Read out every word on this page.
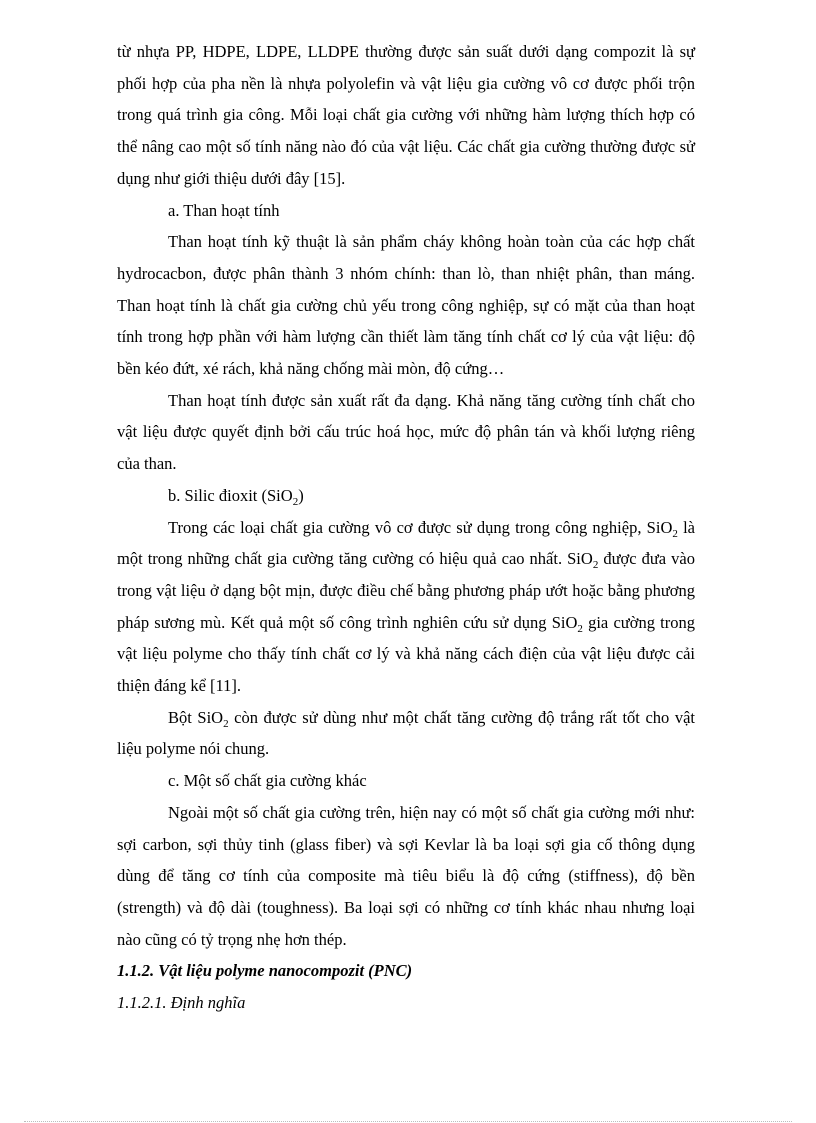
từ nhựa PP, HDPE, LDPE, LLDPE thường được sản suất dưới dạng compozit là sự phối hợp của pha nền là nhựa polyolefin và vật liệu gia cường vô cơ được phối trộn trong quá trình gia công. Mỗi loại chất gia cường với những hàm lượng thích hợp có thể nâng cao một số tính năng nào đó của vật liệu. Các chất gia cường thường được sử dụng như giới thiệu dưới đây [15].

a. Than hoạt tính

Than hoạt tính kỹ thuật là sản phẩm cháy không hoàn toàn của các hợp chất hydrocacbon, được phân thành 3 nhóm chính: than lò, than nhiệt phân, than máng. Than hoạt tính là chất gia cường chủ yếu trong công nghiệp, sự có mặt của than hoạt tính trong hợp phần với hàm lượng cần thiết làm tăng tính chất cơ lý của vật liệu: độ bền kéo đứt, xé rách, khả năng chống mài mòn, độ cứng…

Than hoạt tính được sản xuất rất đa dạng. Khả năng tăng cường tính chất cho vật liệu được quyết định bởi cấu trúc hoá học, mức độ phân tán và khối lượng riêng của than.

b. Silic đioxit (SiO$_2$)

Trong các loại chất gia cường vô cơ được sử dụng trong công nghiệp, SiO$_2$ là một trong những chất gia cường tăng cường có hiệu quả cao nhất. SiO$_2$ được đưa vào trong vật liệu ở dạng bột mịn, được điều chế bằng phương pháp ướt hoặc bằng phương pháp sương mù. Kết quả một số công trình nghiên cứu sử dụng SiO$_2$ gia cường trong vật liệu polyme cho thấy tính chất cơ lý và khả năng cách điện của vật liệu được cải thiện đáng kể [11].

Bột SiO$_2$ còn được sử dùng như một chất tăng cường độ trắng rất tốt cho vật liệu polyme nói chung.

c. Một số chất gia cường khác

Ngoài một số chất gia cường trên, hiện nay có một số chất gia cường mới như: sợi carbon, sợi thủy tinh (glass fiber) và sợi Kevlar là ba loại sợi gia cố thông dụng dùng để tăng cơ tính của composite mà tiêu biểu là độ cứng (stiffness), độ bền (strength) và độ dài (toughness). Ba loại sợi có những cơ tính khác nhau nhưng loại nào cũng có tỷ trọng nhẹ hơn thép.

1.1.2. Vật liệu polyme nanocompozit (PNC)

1.1.2.1. Định nghĩa
